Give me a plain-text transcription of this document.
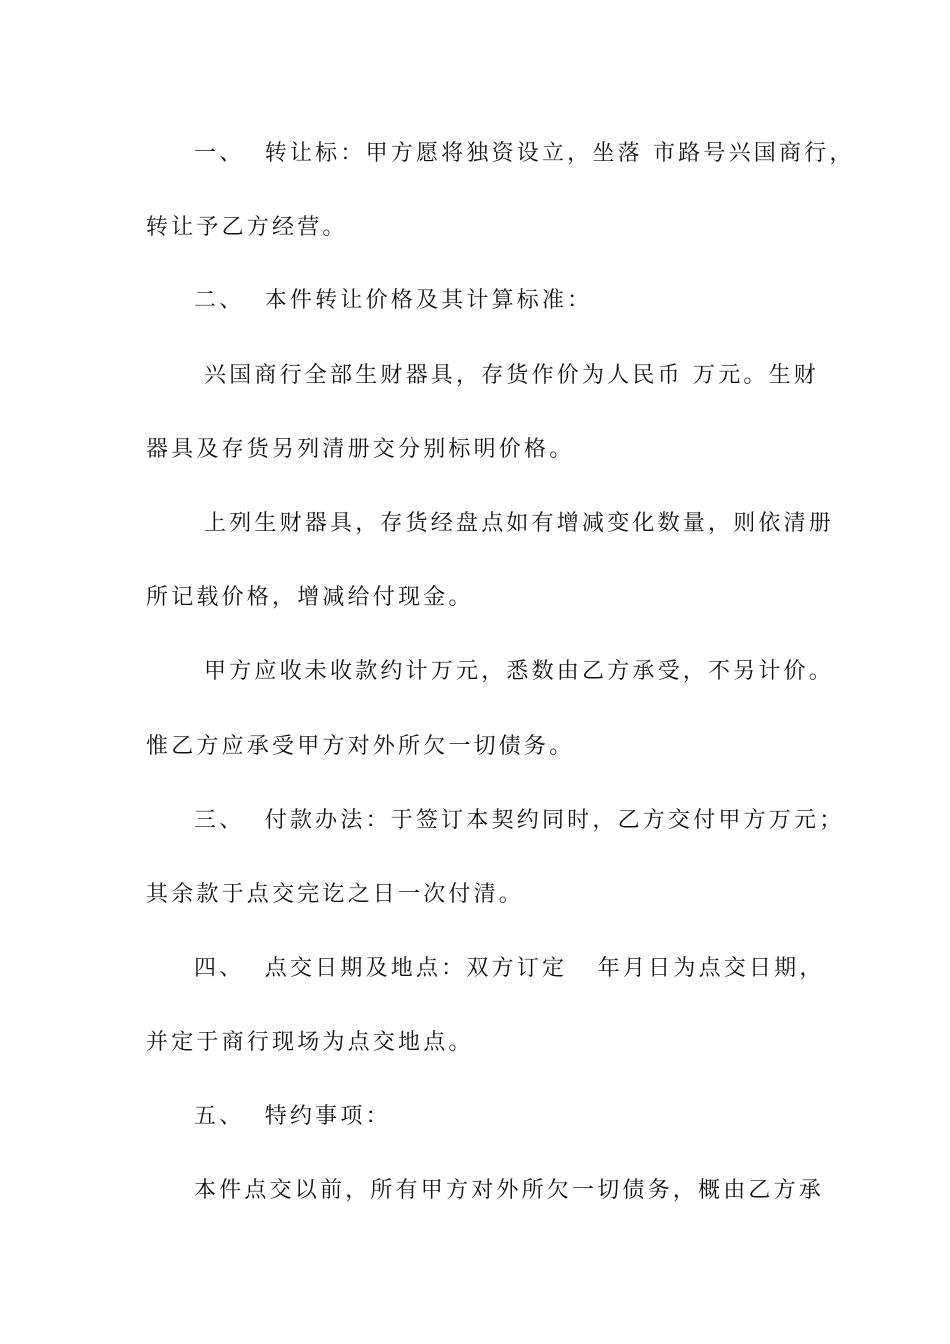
一、  转让标：甲方愿将独资设立，坐落 市路号兴国商行，
转让予乙方经营。
二、  本件转让价格及其计算标准：
兴国商行全部生财器具，存货作价为人民币 万元。生财
器具及存货另列清册交分别标明价格。
上列生财器具，存货经盘点如有增减变化数量，则依清册
所记载价格，增减给付现金。
甲方应收未收款约计万元，悉数由乙方承受，不另计价。
惟乙方应承受甲方对外所欠一切债务。
三、  付款办法：于签订本契约同时，乙方交付甲方万元；
其余款于点交完讫之日一次付清。
四、  点交日期及地点：双方订定   年月日为点交日期，
并定于商行现场为点交地点。
五、  特约事项：
本件点交以前，所有甲方对外所欠一切债务，概由乙方承
